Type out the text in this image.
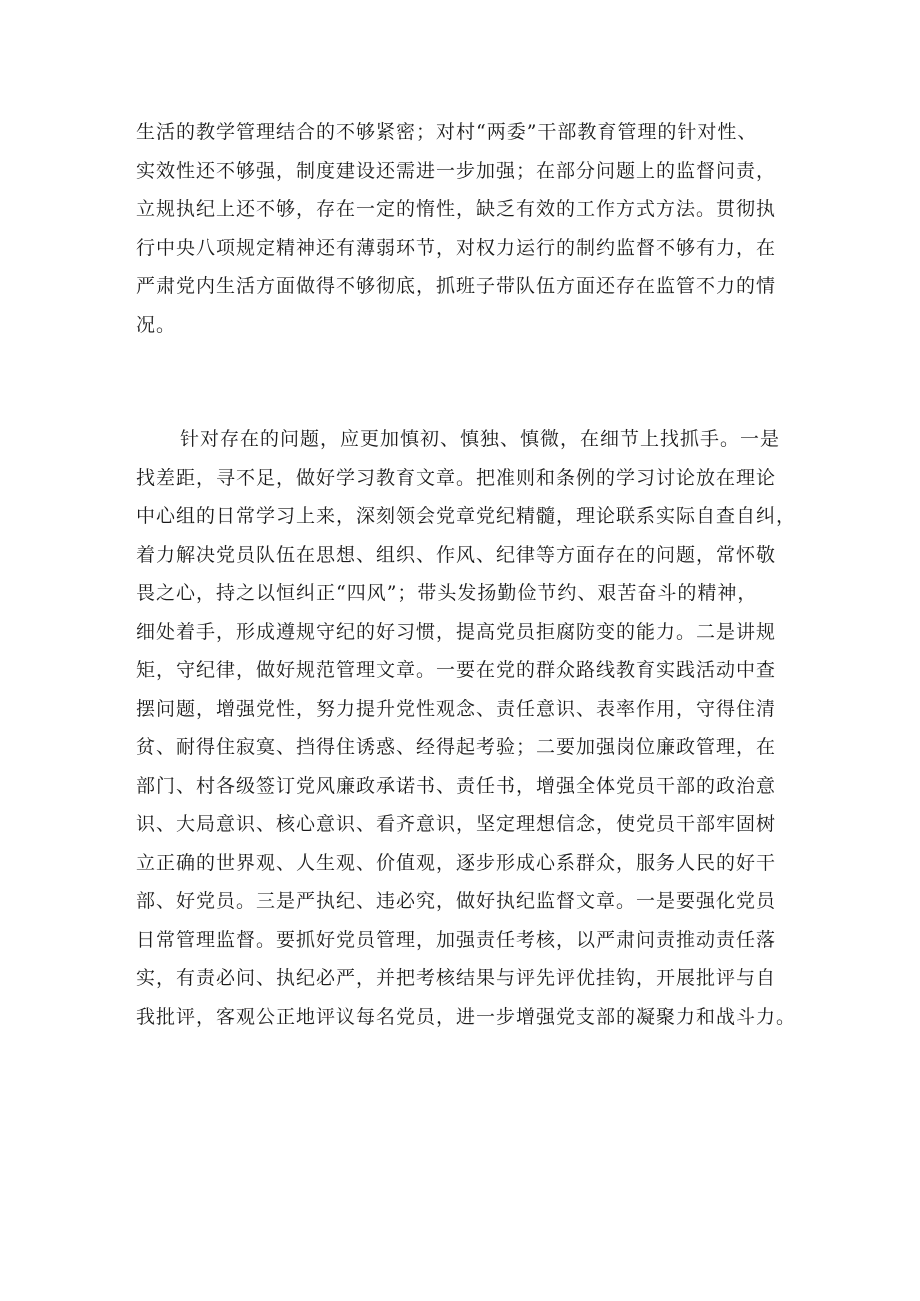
生活的教学管理结合的不够紧密；对村“两委”干部教育管理的针对性、
实效性还不够强，制度建设还需进一步加强；在部分问题上的监督问责，
立规执纪上还不够，存在一定的惰性，缺乏有效的工作方式方法。贯彻执
行中央八项规定精神还有薄弱环节，对权力运行的制约监督不够有力，在
严肃党内生活方面做得不够彻底，抓班子带队伍方面还存在监管不力的情
况。
针对存在的问题，应更加慎初、慎独、慎微，在细节上找抓手。一是
找差距，寻不足，做好学习教育文章。把准则和条例的学习讨论放在理论
中心组的日常学习上来，深刻领会党章党纪精髓，理论联系实际自查自纠，
着力解决党员队伍在思想、组织、作风、纪律等方面存在的问题，常怀敬
畏之心，持之以恒纠正“四风”；带头发扬勤俭节约、艰苦奋斗的精神，
细处着手，形成遵规守纪的好习惯，提高党员拒腐防变的能力。二是讲规
矩，守纪律，做好规范管理文章。一要在党的群众路线教育实践活动中查
摆问题，增强党性，努力提升党性观念、责任意识、表率作用，守得住清
贫、耐得住寂寞、挡得住诱惑、经得起考验；二要加强岗位廉政管理，在
部门、村各级签订党风廉政承诺书、责任书，增强全体党员干部的政治意
识、大局意识、核心意识、看齐意识，坚定理想信念，使党员干部牢固树
立正确的世界观、人生观、价值观，逐步形成心系群众，服务人民的好干
部、好党员。三是严执纪、违必究，做好执纪监督文章。一是要强化党员
日常管理监督。要抓好党员管理，加强责任考核，以严肃问责推动责任落
实，有责必问、执纪必严，并把考核结果与评先评优挂钩，开展批评与自
我批评，客观公正地评议每名党员，进一步增强党支部的凝聚力和战斗力。
